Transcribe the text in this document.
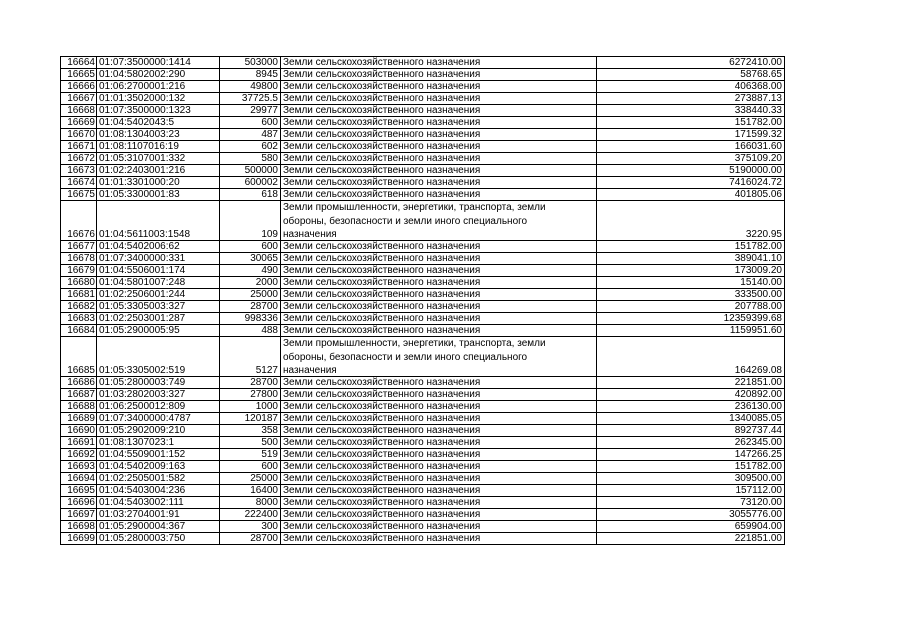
16664	01:07:3500000:1414	503000	Земли сельскохозяйственного назначения	6272410.00
16665	01:04:5802002:290	8945	Земли сельскохозяйственного назначения	58768.65
16666	01:06:2700001:216	49800	Земли сельскохозяйственного назначения	406368.00
16667	01:01:3502000:132	37725.5	Земли сельскохозяйственного назначения	273887.13
16668	01:07:3500000:1323	29977	Земли сельскохозяйственного назначения	338440.33
16669	01:04:5402043:5	600	Земли сельскохозяйственного назначения	151782.00
16670	01:08:1304003:23	487	Земли сельскохозяйственного назначения	171599.32
16671	01:08:1107016:19	602	Земли сельскохозяйственного назначения	166031.60
16672	01:05:3107001:332	580	Земли сельскохозяйственного назначения	375109.20
16673	01:02:2403001:216	500000	Земли сельскохозяйственного назначения	5190000.00
16674	01:01:3301000:20	600002	Земли сельскохозяйственного назначения	7416024.72
16675	01:05:3300001:83	618	Земли сельскохозяйственного назначения	401805.06
16676	01:04:5611003:1548	109	Земли промышленности, энергетики, транспорта, земли
обороны, безопасности и земли иного специального
назначения	3220.95
16677	01:04:5402006:62	600	Земли сельскохозяйственного назначения	151782.00
16678	01:07:3400000:331	30065	Земли сельскохозяйственного назначения	389041.10
16679	01:04:5506001:174	490	Земли сельскохозяйственного назначения	173009.20
16680	01:04:5801007:248	2000	Земли сельскохозяйственного назначения	15140.00
16681	01:02:2506001:244	25000	Земли сельскохозяйственного назначения	333500.00
16682	01:05:3305003:327	28700	Земли сельскохозяйственного назначения	207788.00
16683	01:02:2503001:287	998336	Земли сельскохозяйственного назначения	12359399.68
16684	01:05:2900005:95	488	Земли сельскохозяйственного назначения	1159951.60
16685	01:05:3305002:519	5127	Земли промышленности, энергетики, транспорта, земли
обороны, безопасности и земли иного специального
назначения	164269.08
16686	01:05:2800003:749	28700	Земли сельскохозяйственного назначения	221851.00
16687	01:03:2802003:327	27800	Земли сельскохозяйственного назначения	420892.00
16688	01:06:2500012:809	1000	Земли сельскохозяйственного назначения	236130.00
16689	01:07:3400000:4787	120187	Земли сельскохозяйственного назначения	1340085.05
16690	01:05:2902009:210	358	Земли сельскохозяйственного назначения	892737.44
16691	01:08:1307023:1	500	Земли сельскохозяйственного назначения	262345.00
16692	01:04:5509001:152	519	Земли сельскохозяйственного назначения	147266.25
16693	01:04:5402009:163	600	Земли сельскохозяйственного назначения	151782.00
16694	01:02:2505001:582	25000	Земли сельскохозяйственного назначения	309500.00
16695	01:04:5403004:236	16400	Земли сельскохозяйственного назначения	157112.00
16696	01:04:5403002:111	8000	Земли сельскохозяйственного назначения	73120.00
16697	01:03:2704001:91	222400	Земли сельскохозяйственного назначения	3055776.00
16698	01:05:2900004:367	300	Земли сельскохозяйственного назначения	659904.00
16699	01:05:2800003:750	28700	Земли сельскохозяйственного назначения	221851.00
